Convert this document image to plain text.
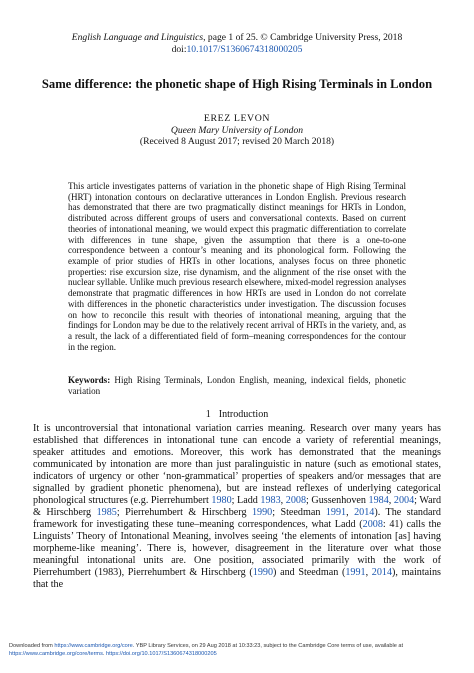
English Language and Linguistics, page 1 of 25. © Cambridge University Press, 2018
doi:10.1017/S1360674318000205
Same difference: the phonetic shape of High Rising Terminals in London
EREZ LEVON
Queen Mary University of London
(Received 8 August 2017; revised 20 March 2018)

This article investigates patterns of variation in the phonetic shape of High Rising Terminal (HRT) intonation contours on declarative utterances in London English. Previous research has demonstrated that there are two pragmatically distinct meanings for HRTs in London, distributed across different groups of users and conversational contexts. Based on current theories of intonational meaning, we would expect this pragmatic differentiation to correlate with differences in tune shape, given the assumption that there is a one-to-one correspondence between a contour’s meaning and its phonological form. Following the example of prior studies of HRTs in other locations, analyses focus on three phonetic properties: rise excursion size, rise dynamism, and the alignment of the rise onset with the nuclear syllable. Unlike much previous research elsewhere, mixed-model regression analyses demonstrate that pragmatic differences in how HRTs are used in London do not correlate with differences in the phonetic characteristics under investigation. The discussion focuses on how to reconcile this result with theories of intonational meaning, arguing that the findings for London may be due to the relatively recent arrival of HRTs in the variety, and, as a result, the lack of a differentiated field of form–meaning correspondences for the contour in the region.

Keywords: High Rising Terminals, London English, meaning, indexical fields, phonetic variation
1 Introduction

It is uncontroversial that intonational variation carries meaning. Research over many years has established that differences in intonational tune can encode a variety of referential meanings, speaker attitudes and emotions. Moreover, this work has demonstrated that the meanings communicated by intonation are more than just paralinguistic in nature (such as emotional states, indicators of urgency or other ‘non-grammatical’ properties of speakers and/or messages that are signalled by gradient phonetic phenomena), but are instead reflexes of underlying categorical phonological structures (e.g. Pierrehumbert 1980; Ladd 1983, 2008; Gussenhoven 1984, 2004; Ward & Hirschberg 1985; Pierrehumbert & Hirschberg 1990; Steedman 1991, 2014). The standard framework for investigating these tune–meaning correspondences, what Ladd (2008: 41) calls the Linguists’ Theory of Intonational Meaning, involves seeing ‘the elements of intonation [as] having morpheme-like meaning’. There is, however, disagreement in the literature over what those meaningful intonational units are. One position, associated primarily with the work of Pierrehumbert (1983), Pierrehumbert & Hirschberg (1990) and Steedman (1991, 2014), maintains that the

Downloaded from https://www.cambridge.org/core. YBP Library Services, on 29 Aug 2018 at 10:33:23, subject to the Cambridge Core terms of use, available at
https://www.cambridge.org/core/terms. https://doi.org/10.1017/S1360674318000205
